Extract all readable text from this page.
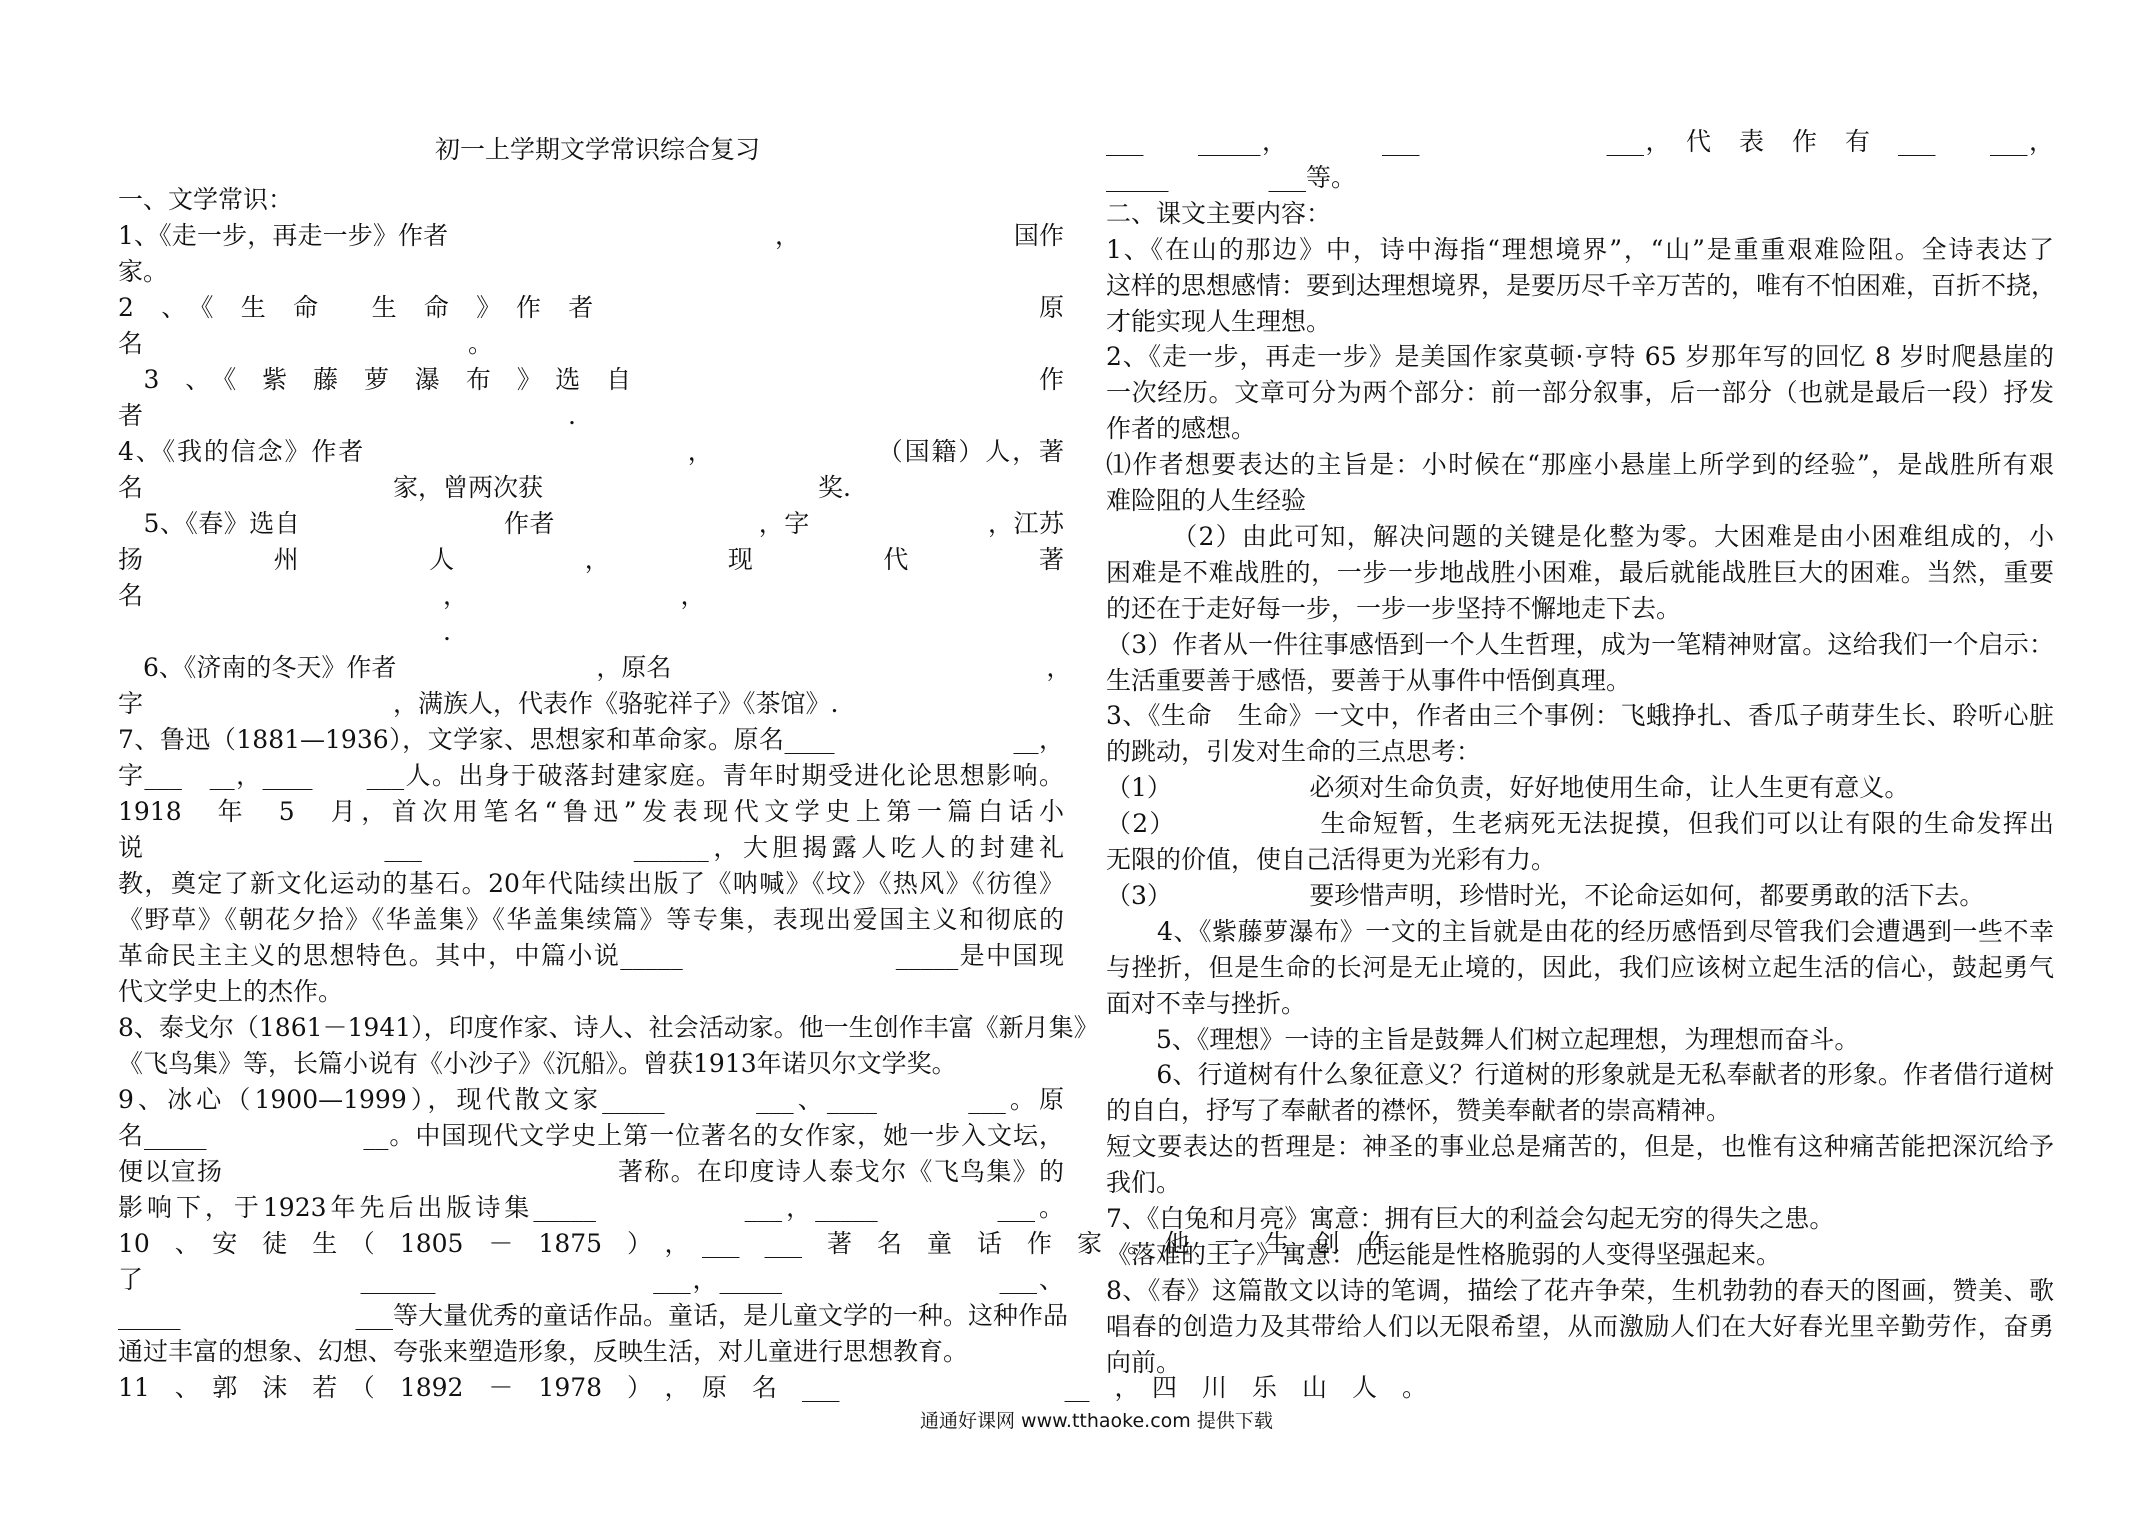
初一上学期文学常识综合复习
一、文学常识：
1、《走一步，再走一步》作者　　　　　　　　　　　　　，　　　　　　　　　国作
家。
2　、　《　生　命　　生　命　》　作　者　　　　　　　　　　　　　　　　　原
名　　　　　　　　　　　　　。
　3　、　《　紫　藤　萝　瀑　布　》　选　自　　　　　　　　　　　　　　　　作
者　　　　　　　　　　　　　　　　　.
4、《我的信念》作者　　　　　　　　　　　　，　　　　　　　（国籍）人，著
名　　　　　　　　　　家，曾两次获　　　　　　　　　　　奖.
　5、《春》选自　　　　　　　　作者　　　　　　　　，字　　　　　　　，江苏
扬　　　　州　　　　人　　　　，　　　　现　　　　代　　　　著
名　　　　　　　　　　　　，　　　　　　　　　，
　　　　　　　　　　　　　.
　6、《济南的冬天》作者　　　　　　　　，原名　　　　　　　　　　　　　　　，
字　　　　　　　　　　，满族人，代表作《骆驼祥子》《茶馆》.
7、鲁迅（1881—1936），文学家、思想家和革命家。原名____　　　　　　　__，
字___　__，____　　___人。出身于破落封建家庭。青年时期受进化论思想影响。
1918　年　5　月，首次用笔名“鲁迅”发表现代文学史上第一篇白话小
说　　　　　　　　___　　　　　　　______，大胆揭露人吃人的封建礼
教，奠定了新文化运动的基石。20年代陆续出版了《呐喊》《坟》《热风》《彷徨》
《野草》《朝花夕拾》《华盖集》《华盖集续篇》等专集，表现出爱国主义和彻底的
革命民主主义的思想特色。其中，中篇小说_____　　　　　　　　_____是中国现
代文学史上的杰作。
8、泰戈尔（1861－1941），印度作家、诗人、社会活动家。他一生创作丰富《新月集》
《飞鸟集》等，长篇小说有《小沙子》《沉船》。曾获1913年诺贝尔文学奖。
9、冰心（1900—1999），现代散文家_____　　　___、____　　　___。原
名_____　　　　　　__。中国现代文学史上第一位著名的女作家，她一步入文坛，
便以宣扬　　　　　　　　　　　　　　　著称。在印度诗人泰戈尔《飞鸟集》的
影响下，于1923年先后出版诗集_____　　　　　___，_____　　　　___。
10　、　安　徒　生　（　1805　－　1875　）　，　___　___　著　名　童　话　作　家　。　他　一　生　创　作
了　　　　　　　　______　　　　　　　　___，_____　　　　　　　　___、
_____　　　　　　　___等大量优秀的童话作品。童话，是儿童文学的一种。这种作品
通过丰富的想象、幻想、夸张来塑造形象，反映生活，对儿童进行思想教育。
11　、　郭　沫　若　（　1892　－　1978　）　，　原　名　___　　　　　　　　　__　，　四　川　乐　山　人　。
___　　_____，　　　　___　　　　　　　___，　代　表　作　有　___　　___，
_____　　　　___等。
二、课文主要内容：
1、《在山的那边》中，诗中海指“理想境界”，“山”是重重艰难险阻。全诗表达了
这样的思想感情：要到达理想境界，是要历尽千辛万苦的，唯有不怕困难，百折不挠，
才能实现人生理想。
2、《走一步，再走一步》是美国作家莫顿·亨特 65 岁那年写的回忆 8 岁时爬悬崖的
一次经历。文章可分为两个部分：前一部分叙事，后一部分（也就是最后一段）抒发
作者的感想。
⑴作者想要表达的主旨是：小时候在“那座小悬崖上所学到的经验”，是战胜所有艰
难险阻的人生经验
　　　（2）由此可知，解决问题的关键是化整为零。大困难是由小困难组成的，小
困难是不难战胜的，一步一步地战胜小困难，最后就能战胜巨大的困难。当然，重要
的还在于走好每一步，一步一步坚持不懈地走下去。
（3）作者从一件往事感悟到一个人生哲理，成为一笔精神财富。这给我们一个启示：
生活重要善于感悟，要善于从事件中悟倒真理。
3、《生命　生命》一文中，作者由三个事例：飞蛾挣扎、香瓜子萌芽生长、聆听心脏
的跳动，引发对生命的三点思考：
（1）　　　　　　必须对生命负责，好好地使用生命，让人生更有意义。
（2）　　　　　　生命短暂，生老病死无法捉摸，但我们可以让有限的生命发挥出
无限的价值，使自己活得更为光彩有力。
（3）　　　　　　要珍惜声明，珍惜时光，不论命运如何，都要勇敢的活下去。
　　4、《紫藤萝瀑布》一文的主旨就是由花的经历感悟到尽管我们会遭遇到一些不幸
与挫折，但是生命的长河是无止境的，因此，我们应该树立起生活的信心，鼓起勇气
面对不幸与挫折。
　　5、《理想》一诗的主旨是鼓舞人们树立起理想，为理想而奋斗。
　　6、行道树有什么象征意义？行道树的形象就是无私奉献者的形象。作者借行道树
的自白，抒写了奉献者的襟怀，赞美奉献者的崇高精神。
短文要表达的哲理是：神圣的事业总是痛苦的，但是，也惟有这种痛苦能把深沉给予
我们。
7、《白兔和月亮》寓意：拥有巨大的利益会勾起无穷的得失之患。
《落难的王子》寓意：厄运能是性格脆弱的人变得坚强起来。
8、《春》这篇散文以诗的笔调，描绘了花卉争荣，生机勃勃的春天的图画，赞美、歌
唱春的创造力及其带给人们以无限希望，从而激励人们在大好春光里辛勤劳作，奋勇
向前。
通通好课网 www.tthaoke.com 提供下载
